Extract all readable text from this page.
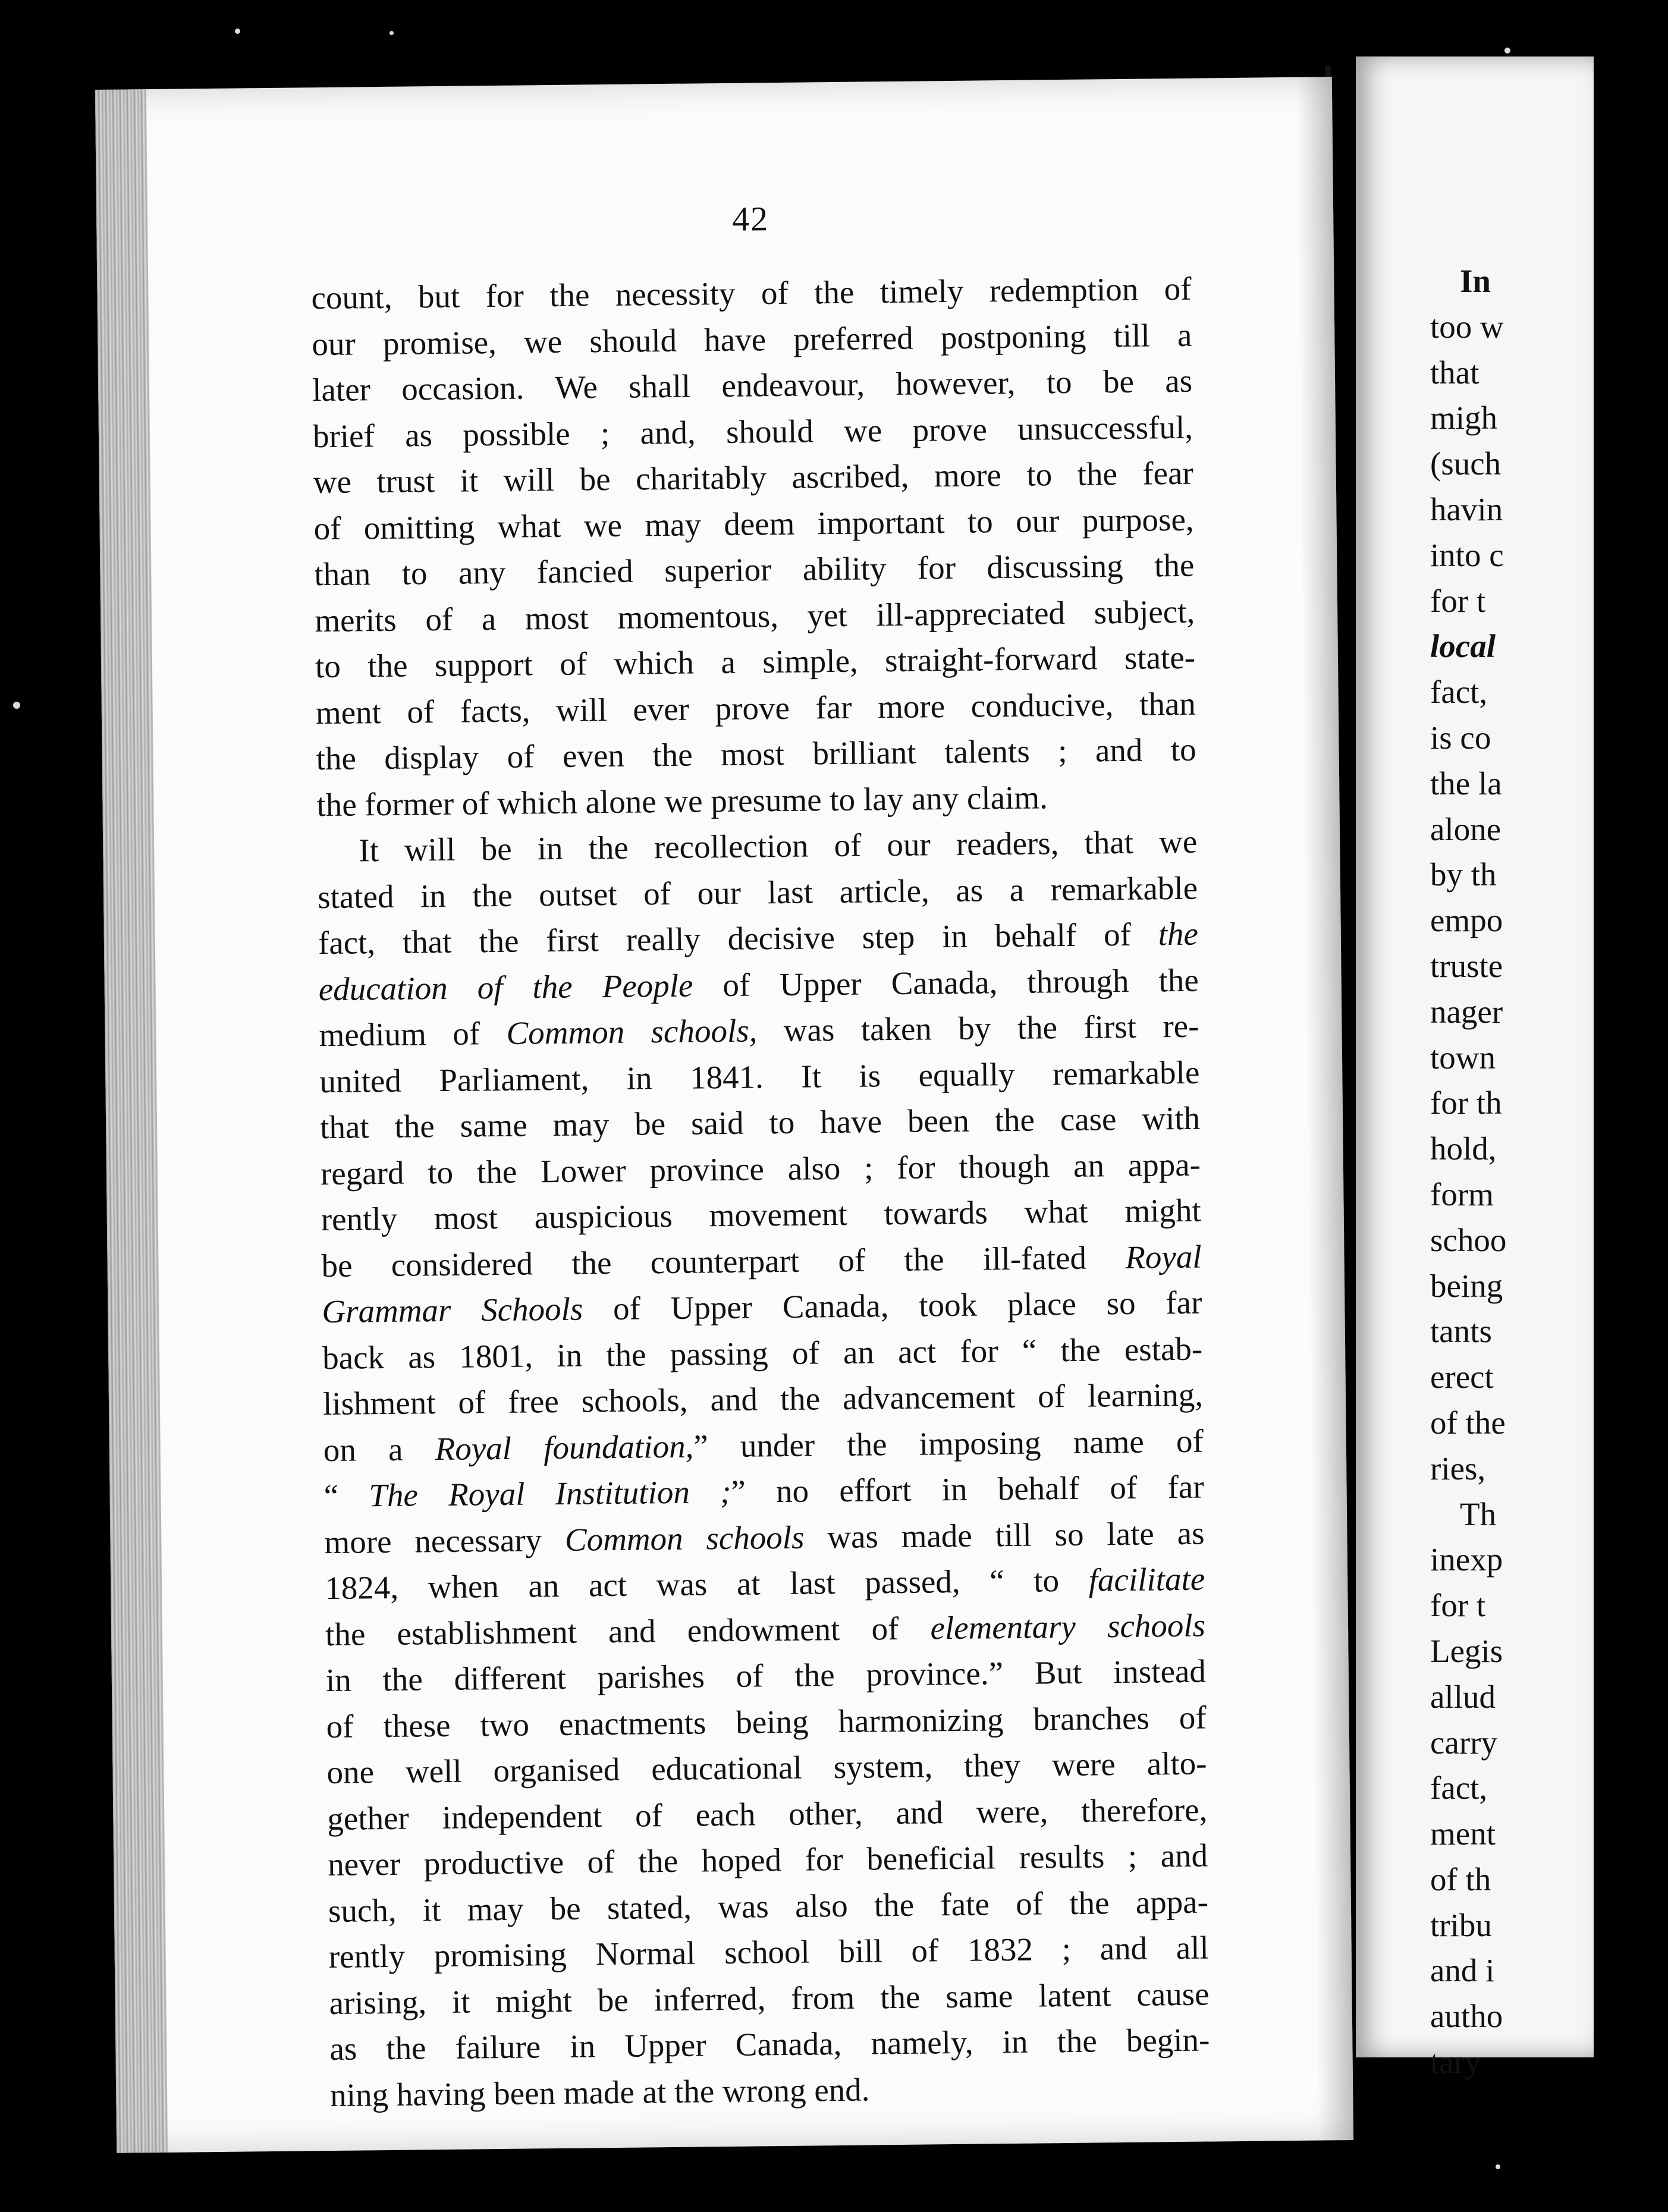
42
count, but for the necessity of the timely redemption of
our promise, we should have preferred postponing till a
later occasion. We shall endeavour, however, to be as
brief as possible ; and, should we prove unsuccessful,
we trust it will be charitably ascribed, more to the fear
of omitting what we may deem important to our purpose,
than to any fancied superior ability for discussing the
merits of a most momentous, yet ill-appreciated subject,
to the support of which a simple, straight-forward state-
ment of facts, will ever prove far more conducive, than
the display of even the most brilliant talents ; and to
the former of which alone we presume to lay any claim.
It will be in the recollection of our readers, that we
stated in the outset of our last article, as a remarkable
fact, that the first really decisive step in behalf of the
education of the People of Upper Canada, through the
medium of Common schools, was taken by the first re-
united Parliament, in 1841. It is equally remarkable
that the same may be said to have been the case with
regard to the Lower province also ; for though an appa-
rently most auspicious movement towards what might
be considered the counterpart of the ill-fated Royal
Grammar Schools of Upper Canada, took place so far
back as 1801, in the passing of an act for “ the estab-
lishment of free schools, and the advancement of learning,
on a Royal foundation,” under the imposing name of
“ The Royal Institution ;” no effort in behalf of far
more necessary Common schools was made till so late as
1824, when an act was at last passed, “ to facilitate
the establishment and endowment of elementary schools
in the different parishes of the province.” But instead
of these two enactments being harmonizing branches of
one well organised educational system, they were alto-
gether independent of each other, and were, therefore,
never productive of the hoped for beneficial results ; and
such, it may be stated, was also the fate of the appa-
rently promising Normal school bill of 1832 ; and all
arising, it might be inferred, from the same latent cause
as the failure in Upper Canada, namely, in the begin-
ning having been made at the wrong end.
In
too w
that
migh
(such
havin
into c
for t
local
fact,
is co
the la
alone
by th
empo
truste
nager
town
for th
hold,
form
schoo
being
tants
erect
of the
ries,
Th
inexp
for t
Legis
allud
carry
fact,
ment
of th
tribu
and i
autho
tary
